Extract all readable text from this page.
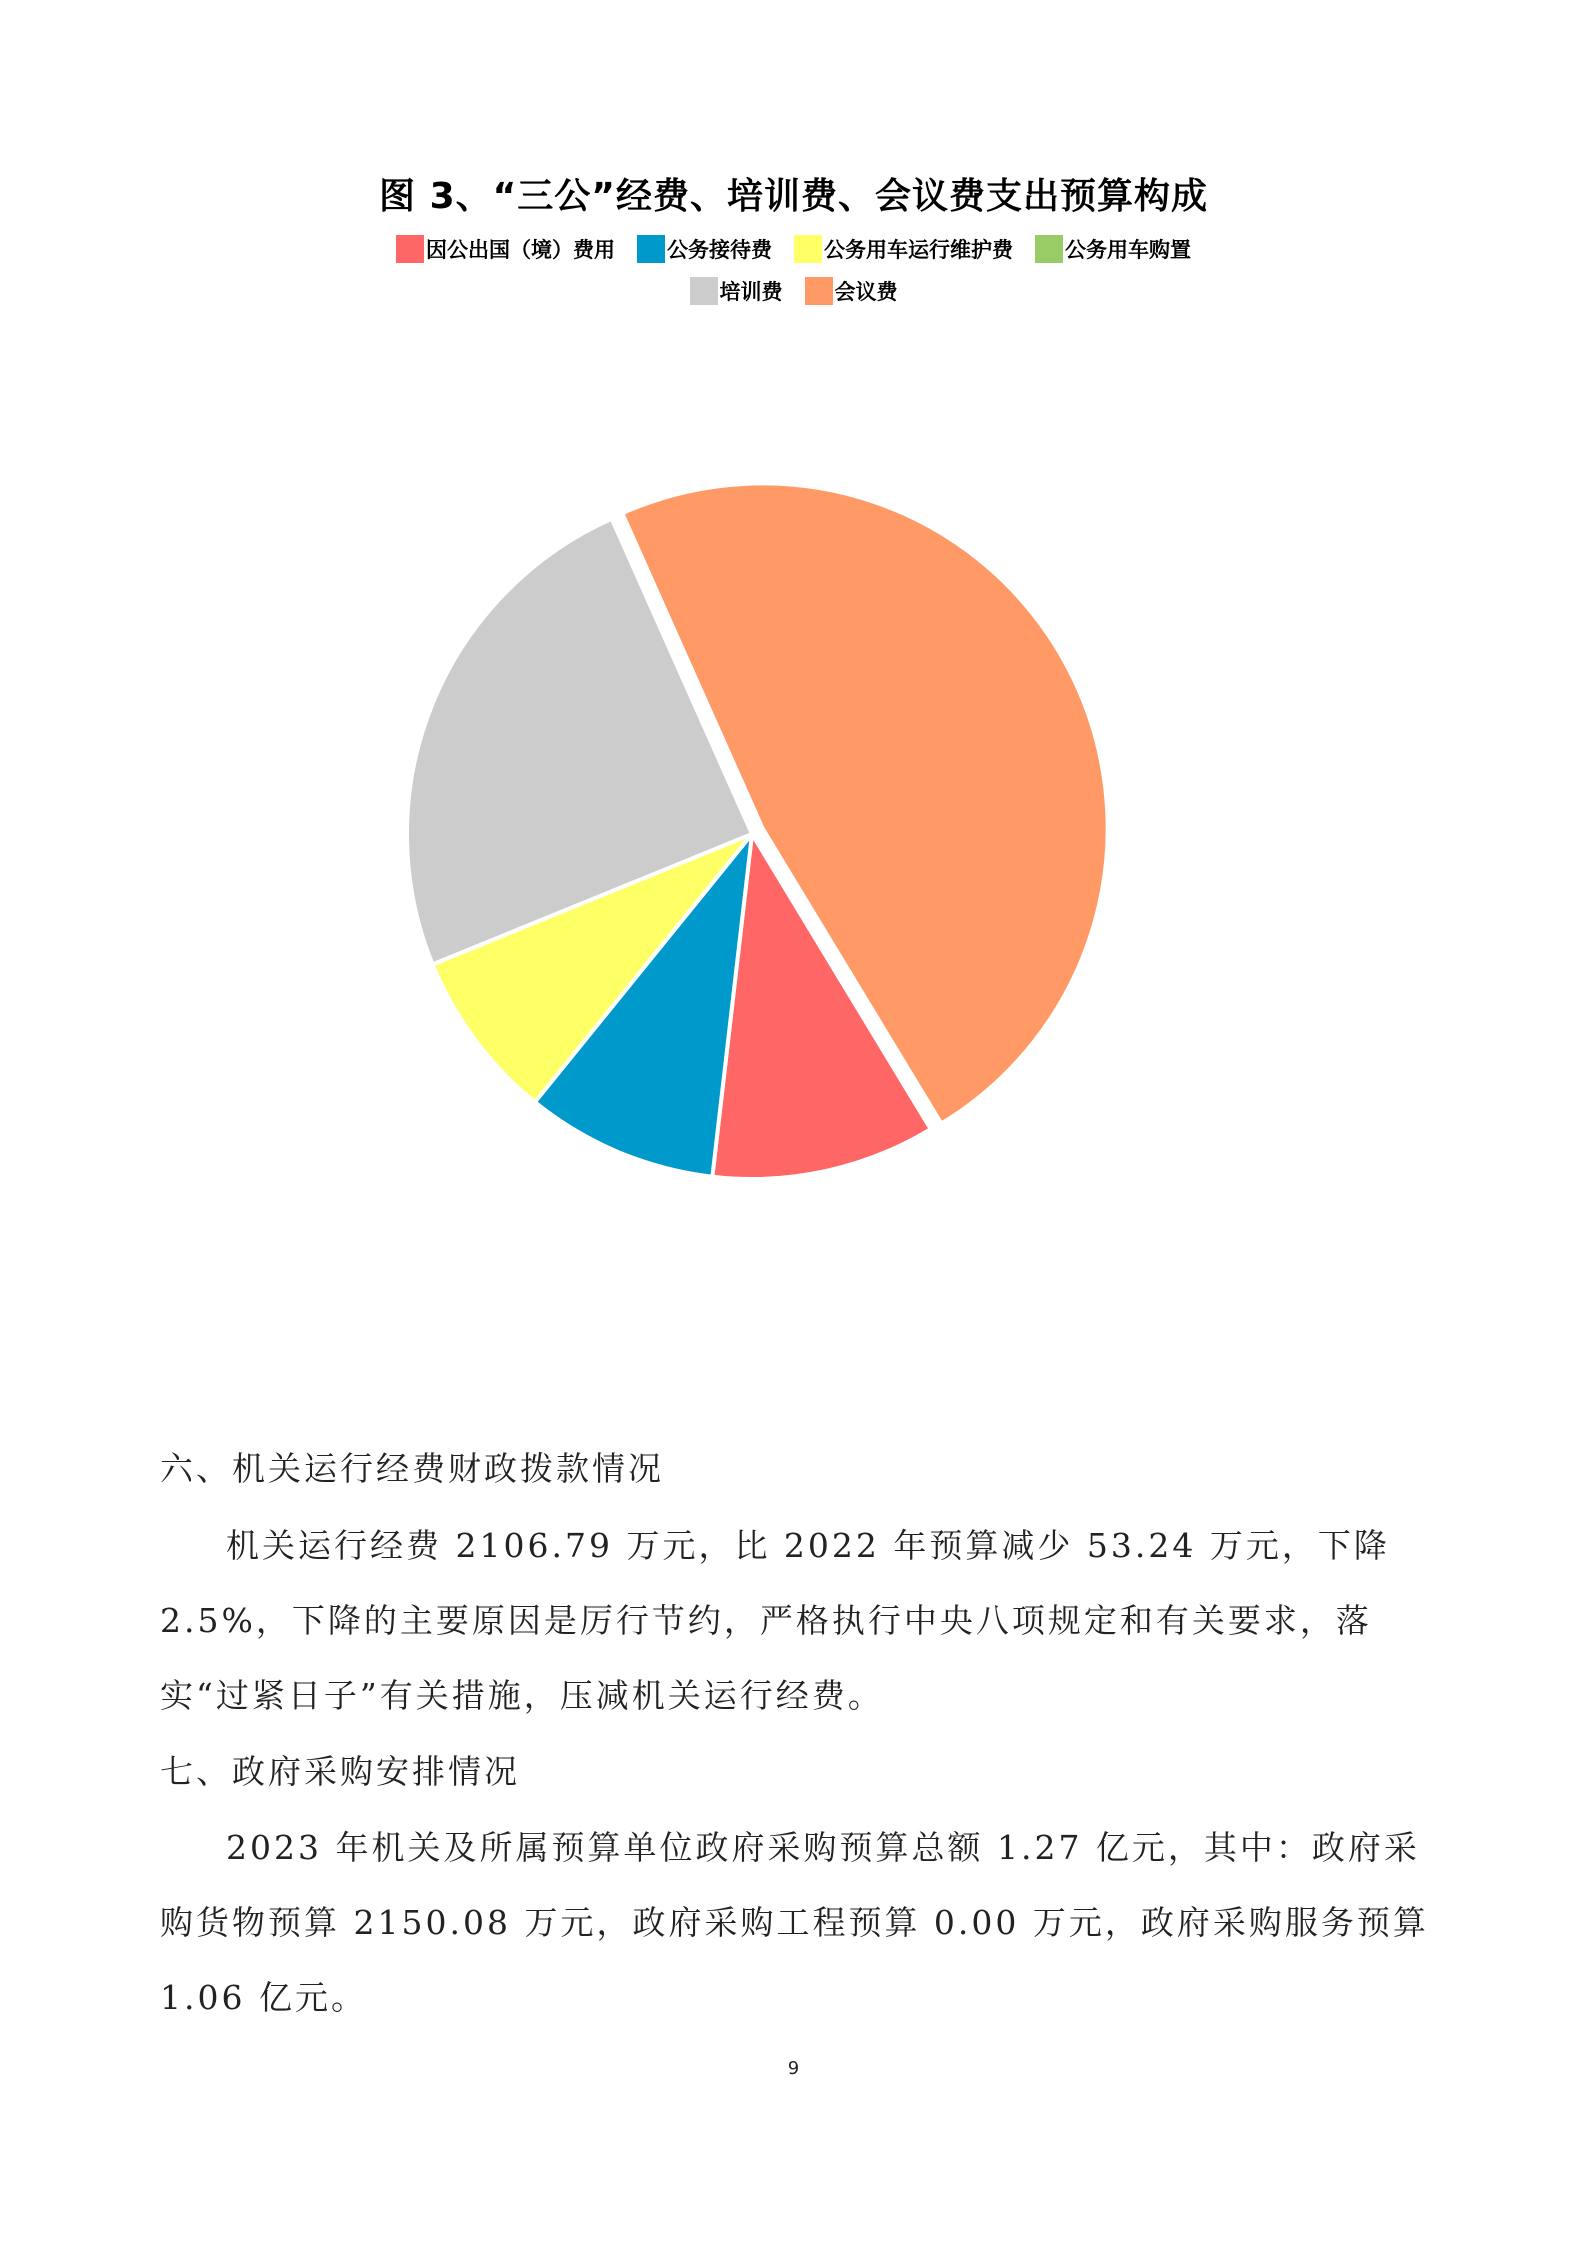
图 3、“三公”经费、培训费、会议费支出预算构成
因公出国（境）费用 公务接待费 公务用车运行维护费 公务用车购置
培训费 会议费
六、机关运行经费财政拨款情况
机关运行经费 2106.79 万元，比 2022 年预算减少 53.24 万元，下降 2.5%，下降的主要原因是厉行节约，严格执行中央八项规定和有关要求，落实“过紧日子”有关措施，压减机关运行经费。
七、政府采购安排情况
2023 年机关及所属预算单位政府采购预算总额 1.27 亿元，其中：政府采购货物预算 2150.08 万元，政府采购工程预算 0.00 万元，政府采购服务预算 1.06 亿元。
9
